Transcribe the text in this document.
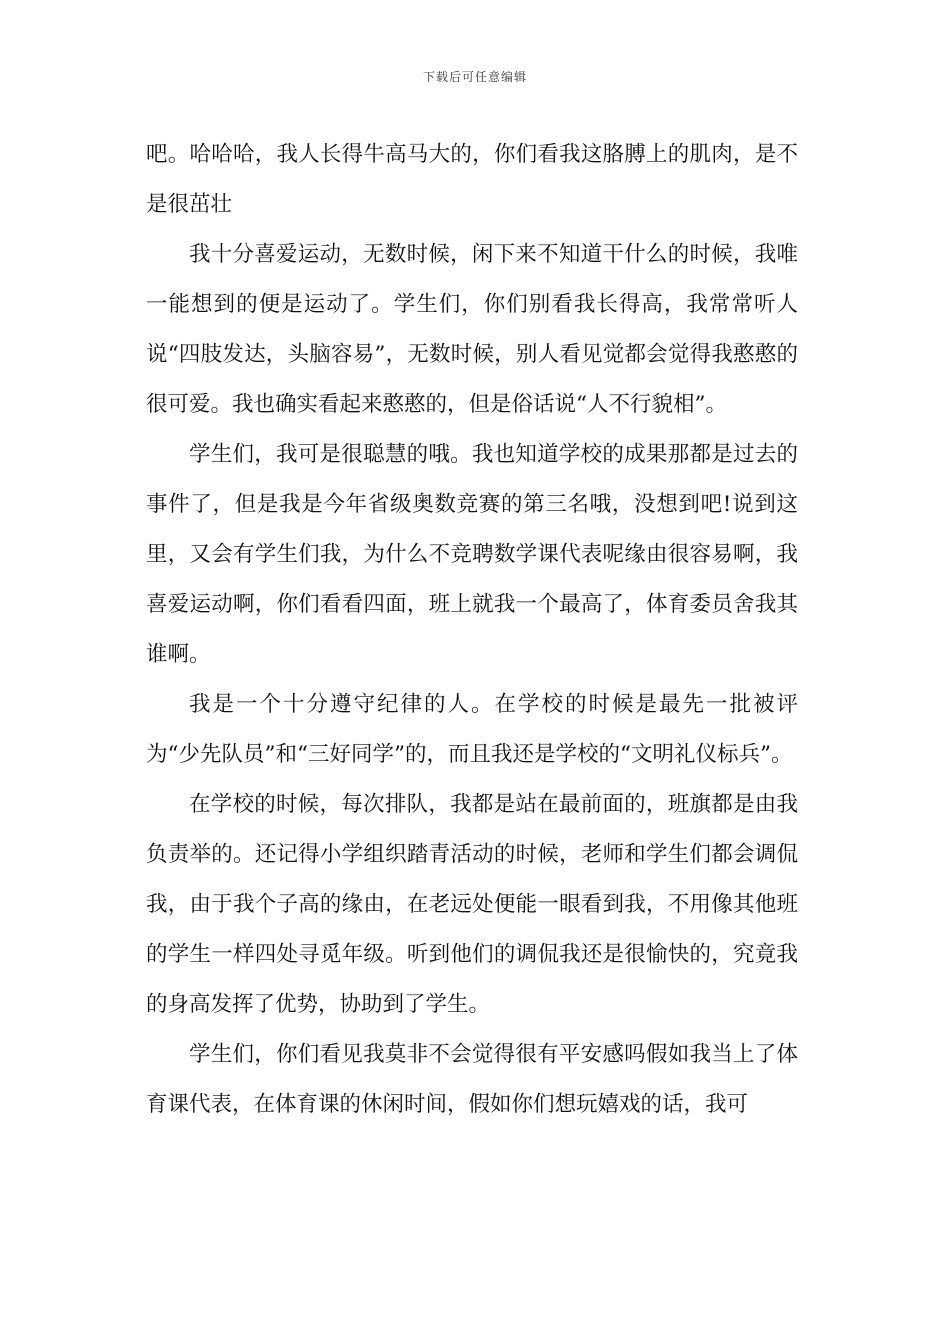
下载后可任意编辑

吧。哈哈哈，我人长得牛高马大的，你们看我这胳膊上的肌肉，是不是很茁壮

我十分喜爱运动，无数时候，闲下来不知道干什么的时候，我唯一能想到的便是运动了。学生们，你们别看我长得高，我常常听人说“四肢发达，头脑容易”，无数时候，别人看见觉都会觉得我憨憨的很可爱。我也确实看起来憨憨的，但是俗话说“人不行貌相”。

学生们，我可是很聪慧的哦。我也知道学校的成果那都是过去的事件了，但是我是今年省级奥数竞赛的第三名哦，没想到吧!说到这里，又会有学生们我，为什么不竞聘数学课代表呢缘由很容易啊，我喜爱运动啊，你们看看四面，班上就我一个最高了，体育委员舍我其谁啊。

我是一个十分遵守纪律的人。在学校的时候是最先一批被评为“少先队员”和“三好同学”的，而且我还是学校的“文明礼仪标兵”。

在学校的时候，每次排队，我都是站在最前面的，班旗都是由我负责举的。还记得小学组织踏青活动的时候，老师和学生们都会调侃我，由于我个子高的缘由，在老远处便能一眼看到我，不用像其他班的学生一样四处寻觅年级。听到他们的调侃我还是很愉快的，究竟我的身高发挥了优势，协助到了学生。

学生们，你们看见我莫非不会觉得很有平安感吗假如我当上了体育课代表，在体育课的休闲时间，假如你们想玩嬉戏的话，我可
